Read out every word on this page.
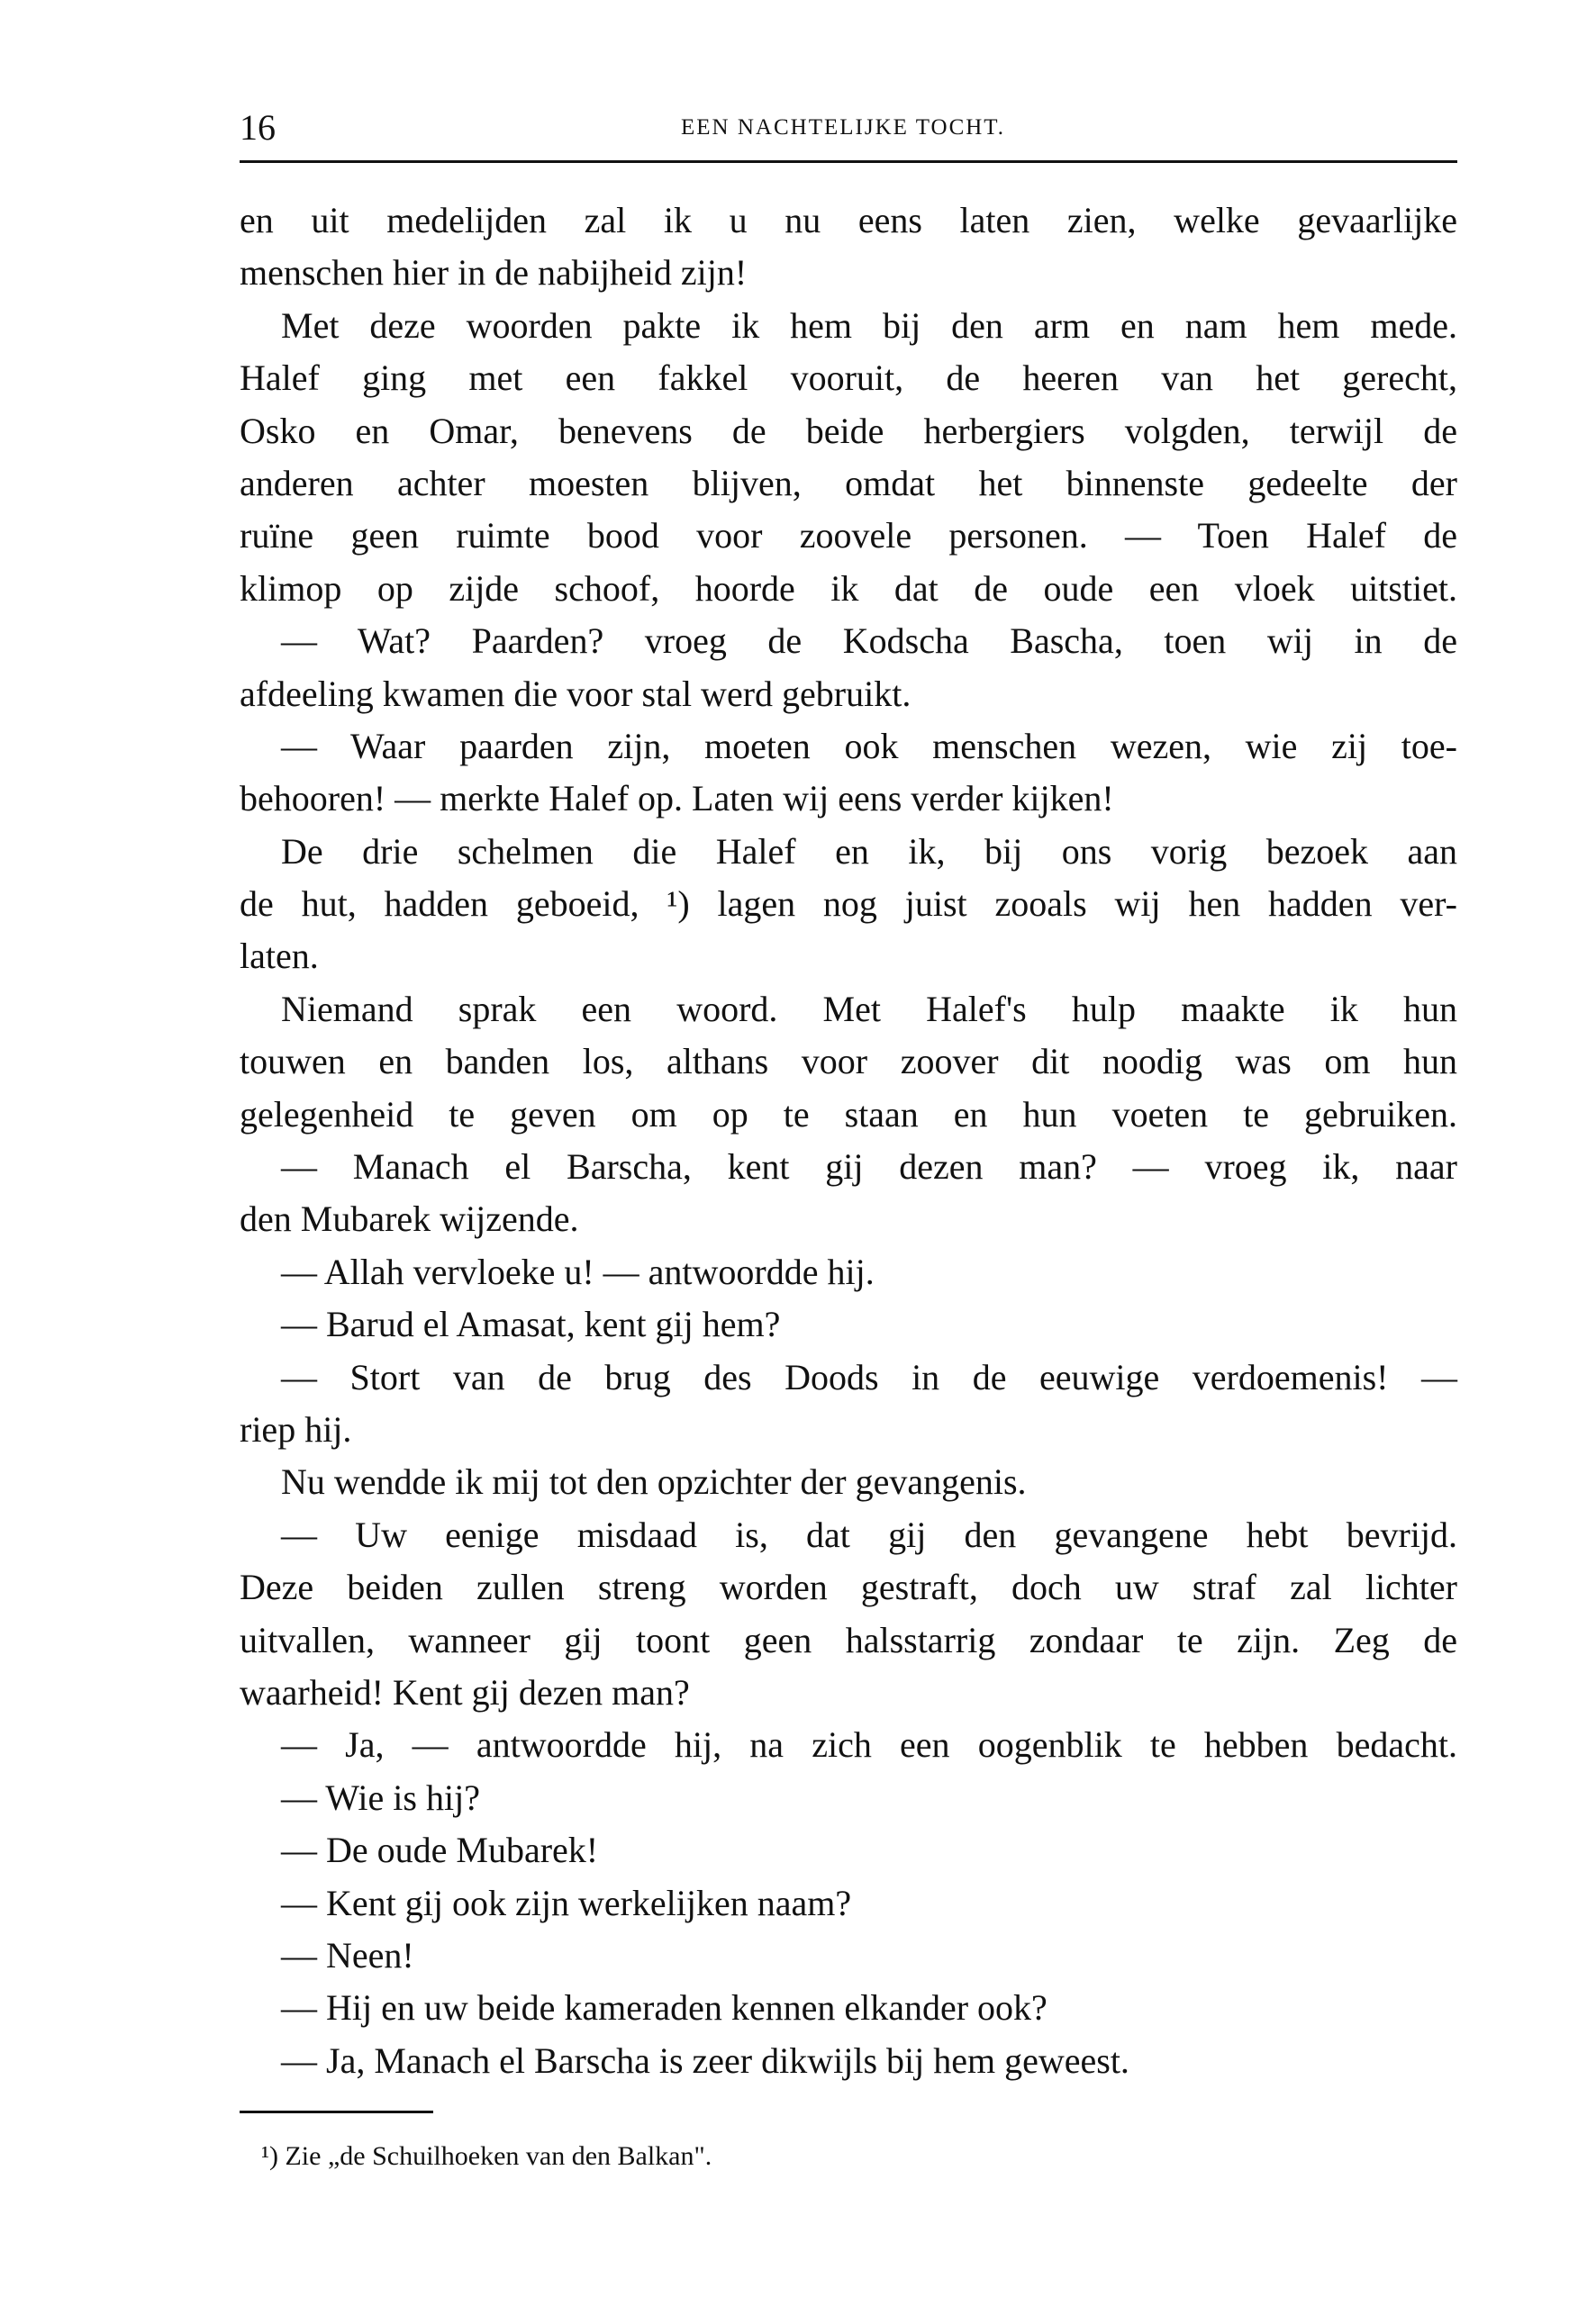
16	EEN NACHTELIJKE TOCHT.
en uit medelijden zal ik u nu eens laten zien, welke gevaarlijke
menschen hier in de nabijheid zijn!
Met deze woorden pakte ik hem bij den arm en nam hem mede.
Halef ging met een fakkel vooruit, de heeren van het gerecht,
Osko en Omar, benevens de beide herbergiers volgden, terwijl de
anderen achter moesten blijven, omdat het binnenste gedeelte der
ruïne geen ruimte bood voor zoovele personen. — Toen Halef de
klimop op zijde schoof, hoorde ik dat de oude een vloek uitstiet.
— Wat? Paarden? vroeg de Kodscha Bascha, toen wij in de
afdeeling kwamen die voor stal werd gebruikt.
— Waar paarden zijn, moeten ook menschen wezen, wie zij toe-
behooren! — merkte Halef op. Laten wij eens verder kijken!
De drie schelmen die Halef en ik, bij ons vorig bezoek aan
de hut, hadden geboeid, ¹) lagen nog juist zooals wij hen hadden ver-
laten.
Niemand sprak een woord. Met Halef's hulp maakte ik hun
touwen en banden los, althans voor zoover dit noodig was om hun
gelegenheid te geven om op te staan en hun voeten te gebruiken.
— Manach el Barscha, kent gij dezen man? — vroeg ik, naar
den Mubarek wijzende.
— Allah vervloeke u! — antwoordde hij.
— Barud el Amasat, kent gij hem?
— Stort van de brug des Doods in de eeuwige verdoemenis! —
riep hij.
Nu wendde ik mij tot den opzichter der gevangenis.
— Uw eenige misdaad is, dat gij den gevangene hebt bevrijd.
Deze beiden zullen streng worden gestraft, doch uw straf zal lichter
uitvallen, wanneer gij toont geen halsstarrig zondaar te zijn. Zeg de
waarheid! Kent gij dezen man?
— Ja, — antwoordde hij, na zich een oogenblik te hebben bedacht.
— Wie is hij?
— De oude Mubarek!
— Kent gij ook zijn werkelijken naam?
— Neen!
— Hij en uw beide kameraden kennen elkander ook?
— Ja, Manach el Barscha is zeer dikwijls bij hem geweest.
¹) Zie „de Schuilhoeken van den Balkan".
